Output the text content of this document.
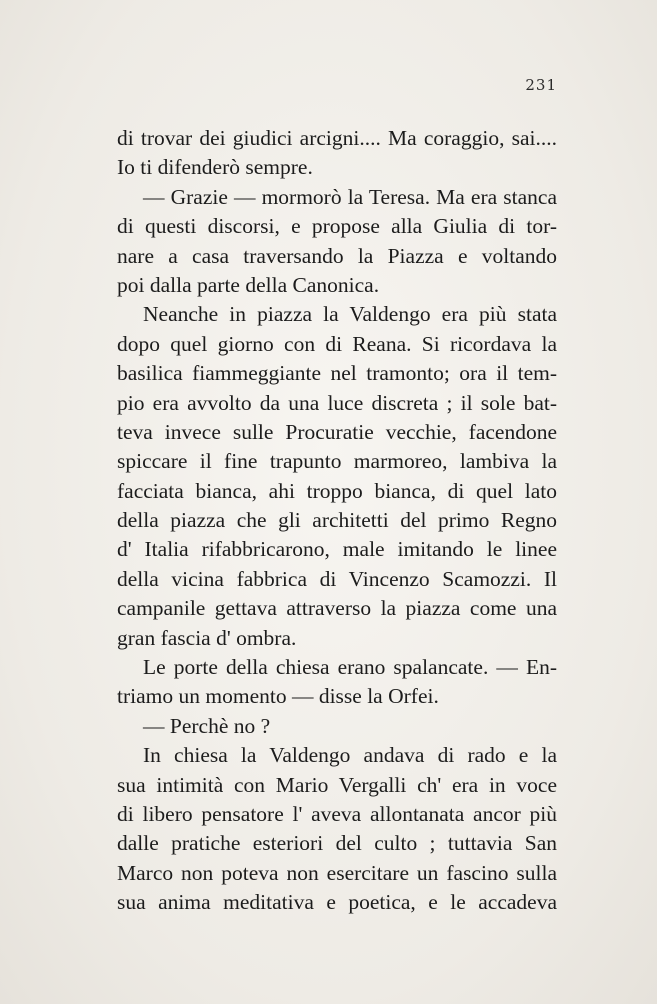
231
di trovar dei giudici arcigni.... Ma coraggio, sai....
Io ti difenderò sempre.
— Grazie — mormorò la Teresa. Ma era stanca
di questi discorsi, e propose alla Giulia di tor-
nare a casa traversando la Piazza e voltando
poi dalla parte della Canonica.
Neanche in piazza la Valdengo era più stata
dopo quel giorno con di Reana. Si ricordava la
basilica fiammeggiante nel tramonto; ora il tem-
pio era avvolto da una luce discreta ; il sole bat-
teva invece sulle Procuratie vecchie, facendone
spiccare il fine trapunto marmoreo, lambiva la
facciata bianca, ahi troppo bianca, di quel lato
della piazza che gli architetti del primo Regno
d' Italia rifabbricarono, male imitando le linee
della vicina fabbrica di Vincenzo Scamozzi. Il
campanile gettava attraverso la piazza come una
gran fascia d' ombra.
Le porte della chiesa erano spalancate. — En-
triamo un momento — disse la Orfei.
— Perchè no ?
In chiesa la Valdengo andava di rado e la
sua intimità con Mario Vergalli ch' era in voce
di libero pensatore l' aveva allontanata ancor più
dalle pratiche esteriori del culto ; tuttavia San
Marco non poteva non esercitare un fascino sulla
sua anima meditativa e poetica, e le accadeva
